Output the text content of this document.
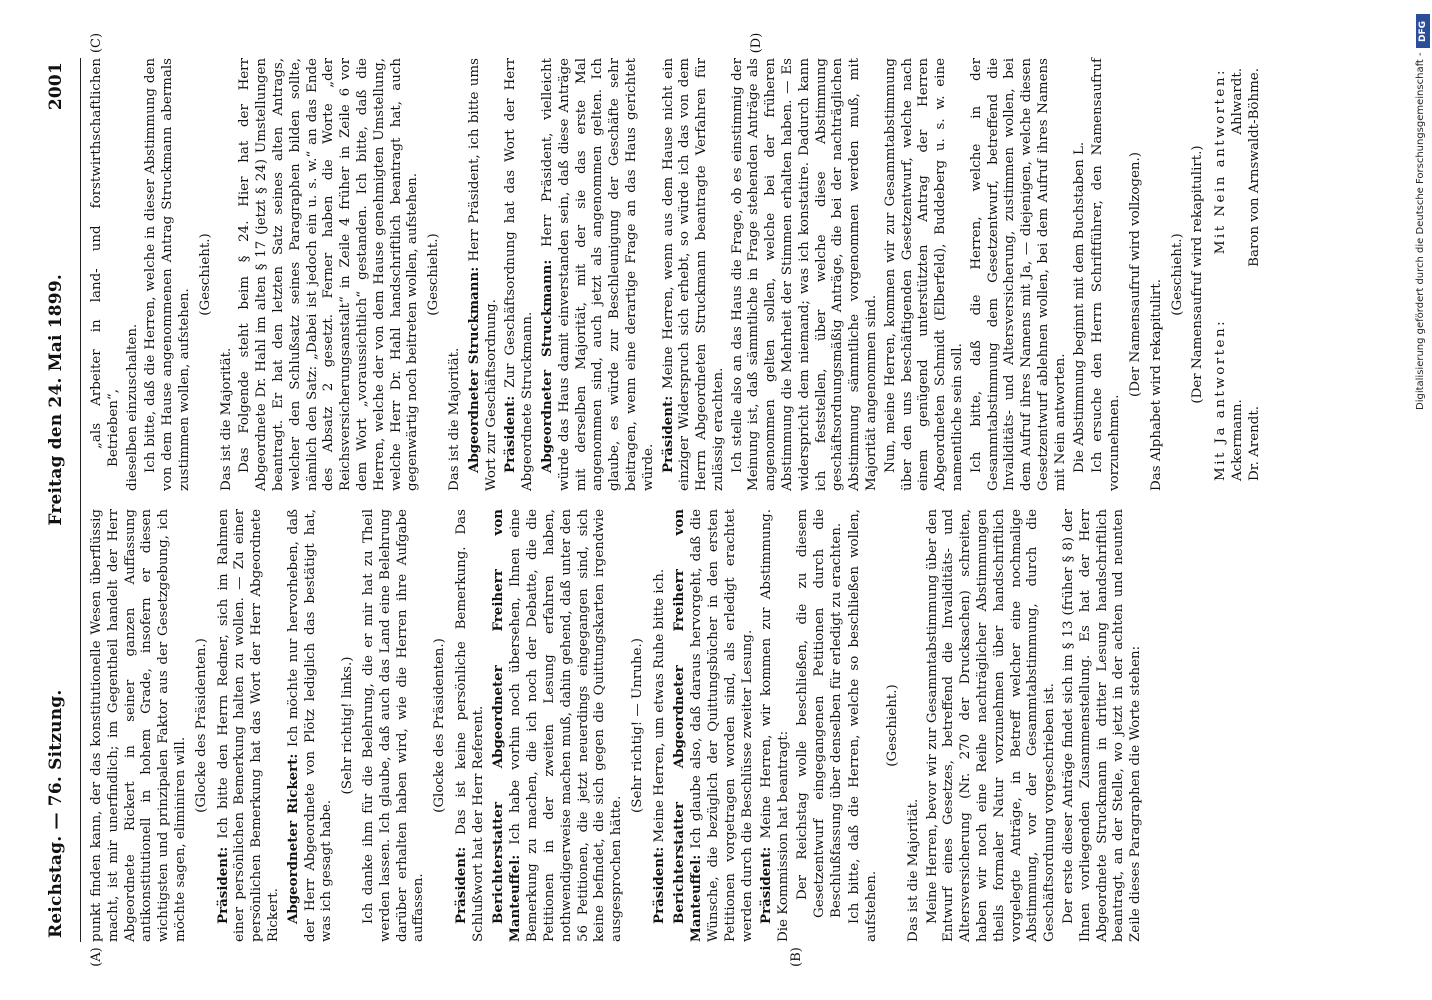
Reichstag. — 76. Sitzung.
Freitag den 24. Mai 1899.
2001
(A)	(B)

punkt finden kann, der das konstitutionelle Wesen überflüssig macht, ist mir unerfindlich; im Gegentheil handelt der Herr Abgeordnete Rickert in seiner ganzen Auffassung antikonstitutionell in hohem Grade, insofern er diesen wichtigsten und prinzipalen Faktor aus der Gesetzgebung, ich möchte sagen, eliminiren will.

(Glocke des Präsidenten.)

Präsident: Ich bitte den Herrn Redner, sich im Rahmen einer persönlichen Bemerkung halten zu wollen. — Zu einer persönlichen Bemerkung hat das Wort der Herr Abgeordnete Rickert. Abgeordneter Rickert: Ich möchte nur hervorheben, daß der Herr Abgeordnete von Plötz lediglich das bestätigt hat, was ich gesagt habe.

(Sehr richtig! links.) Ich danke ihm für die Belehrung, die er mir hat zu Theil werden lassen. Ich glaube, daß auch das Land eine Belehrung darüber erhalten haben wird, wie die Herren ihre Aufgabe auffassen.

(Glocke des Präsidenten.)

Präsident: Das ist keine persönliche Bemerkung. Das Schlußwort hat der Herr Referent. Berichterstatter Abgeordneter Freiherr von Manteuffel: Ich habe vorhin noch übersehen, Ihnen eine Bemerkung zu machen, die ich noch der Debatte, die die Petitionen in der zweiten Lesung erfahren haben, nothwendigerweise machen muß, dahin gehend, daß unter den 56 Petitionen, die jetzt neuerdings eingegangen sind, sich keine befindet, die sich gegen die Quittungskarten irgendwie ausgesprochen hätte.

(Sehr richtig! — Unruhe.)

Präsident: Meine Herren, um etwas Ruhe bitte ich. Berichterstatter Abgeordneter Freiherr von Manteuffel: Ich glaube also, daß daraus hervorgeht, daß die Wünsche, die bezüglich der Quittungsbücher in den ersten Petitionen vorgetragen worden sind, als erledigt erachtet werden durch die Beschlüsse zweiter Lesung. Präsident: Meine Herren, wir kommen zur Abstimmung. Die Kommission hat beantragt: Der Reichstag wolle beschließen, die zu diesem Gesetzentwurf eingegangenen Petitionen durch die Beschlußfassung über denselben für erledigt zu erachten. Ich bitte, daß die Herren, welche so beschließen wollen, aufstehen.

(Geschieht.)

Das ist die Majorität. Meine Herren, bevor wir zur Gesammtabstimmung über den Entwurf eines Gesetzes, betreffend die Invaliditäts- und Altersversicherung (Nr. 270 der Drucksachen) schreiten, haben wir noch eine Reihe nachträglicher Abstimmungen theils formaler Natur vorzunehmen über handschriftlich vorgelegte Anträge, in Betreff welcher eine nochmalige Abstimmung, vor der Gesammtabstimmung, durch die Geschäftsordnung vorgeschrieben ist. Der erste dieser Anträge findet sich im § 13 (früher § 8) der Ihnen vorliegenden Zusammenstellung. Es hat der Herr Abgeordnete Struckmann in dritter Lesung handschriftlich beantragt, an der Stelle, wo jetzt in der achten und neunten Zeile dieses Paragraphen die Worte stehen:

(C)	(D)

„als Arbeiter in land- und forstwirthschaftlichen Betrieben“, dieselben einzuschalten. Ich bitte, daß die Herren, welche in dieser Abstimmung den von dem Hause angenommenen Antrag Struckmann abermals zustimmen wollen, aufstehen.

(Geschieht.)

Das ist die Majorität. Das Folgende steht beim § 24. Hier hat der Herr Abgeordnete Dr. Hahl im alten § 17 (jetzt § 24) Umstellungen beantragt. Er hat den letzten Satz seines alten Antrags, welcher den Schlußsatz seines Paragraphen bilden sollte, nämlich den Satz: „Dabei ist jedoch ein u. s. w.“ an das Ende des Absatz 2 gesetzt. Ferner haben die Worte „der Reichsversicherungsanstalt“ in Zeile 4 früher in Zeile 6 vor dem Wort „voraussichtlich“ gestanden. Ich bitte, daß die Herren, welche der von dem Hause genehmigten Umstellung, welche Herr Dr. Hahl handschriftlich beantragt hat, auch gegenwärtig noch beitreten wollen, aufstehen. (Geschieht.)

Das ist die Majorität. Abgeordneter Struckmann: Herr Präsident, ich bitte ums Wort zur Geschäftsordnung. Präsident: Zur Geschäftsordnung hat das Wort der Herr Abgeordnete Struckmann. Abgeordneter Struckmann: Herr Präsident, vielleicht würde das Haus damit einverstanden sein, daß diese Anträge mit derselben Majorität, mit der sie das erste Mal angenommen sind, auch jetzt als angenommen gelten. Ich glaube, es würde zur Beschleunigung der Geschäfte sehr beitragen, wenn eine derartige Frage an das Haus gerichtet würde. Präsident: Meine Herren, wenn aus dem Hause nicht ein einziger Widerspruch sich erhebt, so würde ich das von dem Herrn Abgeordneten Struckmann beantragte Verfahren für zulässig erachten. Ich stelle also an das Haus die Frage, ob es einstimmig der Meinung ist, daß sämmtliche in Frage stehenden Anträge als angenommen gelten sollen, welche bei der früheren Abstimmung die Mehrheit der Stimmen erhalten haben. — Es widerspricht dem niemand; was ich konstatire. Dadurch kann ich feststellen, über welche diese Abstimmung geschäftsordnungsmäßig Anträge, die bei der nachträglichen Abstimmung sämmtliche vorgenommen werden muß, mit Majorität angenommen sind. Nun, meine Herren, kommen wir zur Gesammtabstimmung über den uns beschäftigenden Gesetzentwurf, welche nach einem genügend unterstützten Antrag der Herren Abgeordneten Schmidt (Elberfeld), Buddeberg u. s. w. eine namentliche sein soll. Ich bitte, daß die Herren, welche in der Gesammtabstimmung dem Gesetzentwurf, betreffend die Invaliditäts- und Altersversicherung, zustimmen wollen, bei dem Aufruf ihres Namens mit Ja, — diejenigen, welche diesen Gesetzentwurf ablehnen wollen, bei dem Aufruf ihres Namens mit Nein antworten. Die Abstimmung beginnt mit dem Buchstaben L. Ich ersuche den Herrn Schriftführer, den Namensaufruf vorzunehmen.

(Der Namensaufruf wird vollzogen.) Das Alphabet wird rekapitulirt.

(Geschieht.) (Der Namensaufruf wird rekapitulirt.) Mit Ja antworten:
Mit Nein antworten:
Ackermann.
Ahlwardt.
Dr. Arendt.
Baron von Arnswaldt-Böhme.
DFG
Digitalisierung gefördert durch die Deutsche Forschungsgemeinschaft -
